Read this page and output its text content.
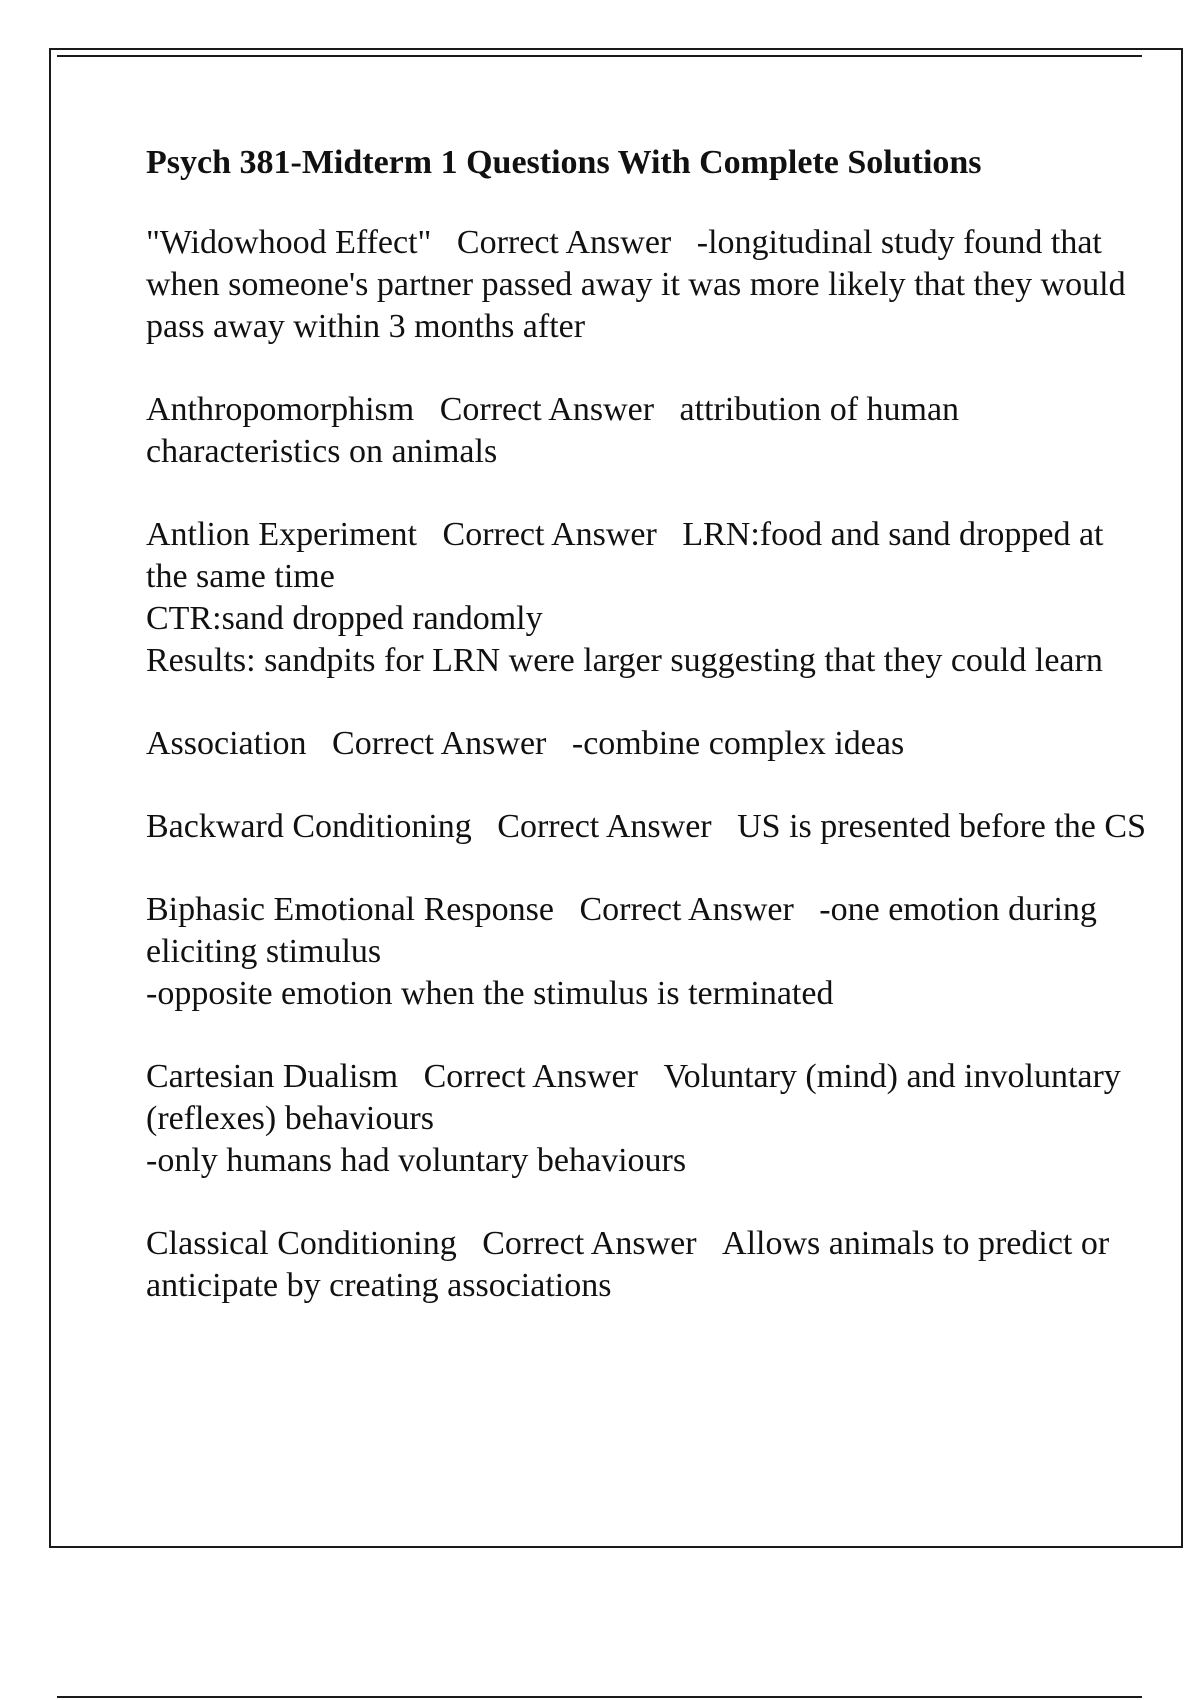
Psych 381-Midterm 1 Questions With Complete Solutions
"Widowhood Effect" Correct Answer -longitudinal study found that when someone's partner passed away it was more likely that they would pass away within 3 months after
Anthropomorphism Correct Answer attribution of human characteristics on animals
Antlion Experiment Correct Answer LRN:food and sand dropped at the same time
CTR:sand dropped randomly
Results: sandpits for LRN were larger suggesting that they could learn
Association Correct Answer -combine complex ideas
Backward Conditioning Correct Answer US is presented before the CS
Biphasic Emotional Response Correct Answer -one emotion during eliciting stimulus
-opposite emotion when the stimulus is terminated
Cartesian Dualism Correct Answer Voluntary (mind) and involuntary (reflexes) behaviours
-only humans had voluntary behaviours
Classical Conditioning Correct Answer Allows animals to predict or anticipate by creating associations
